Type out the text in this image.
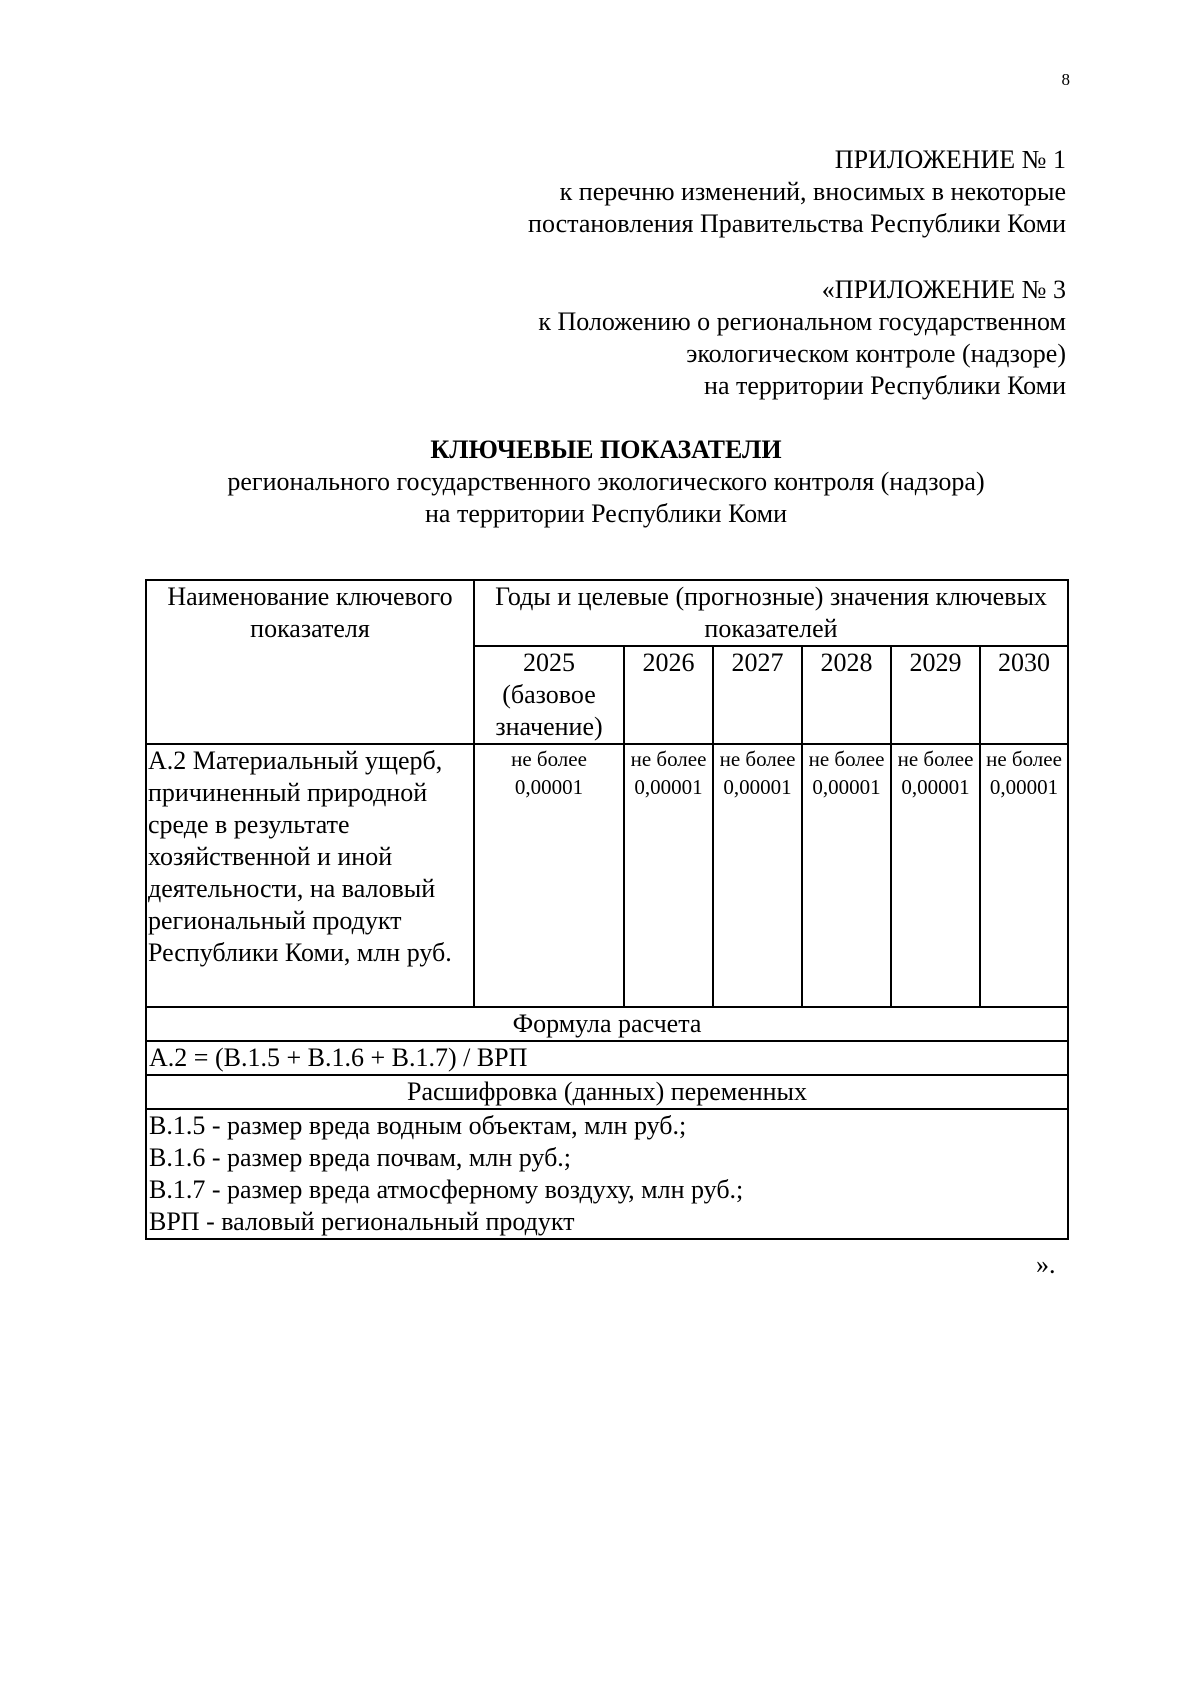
8
ПРИЛОЖЕНИЕ № 1
к перечню изменений, вносимых в некоторые
постановления Правительства Республики Коми
«ПРИЛОЖЕНИЕ № 3
к Положению о региональном государственном
экологическом контроле (надзоре)
на территории Республики Коми
КЛЮЧЕВЫЕ ПОКАЗАТЕЛИ
регионального государственного экологического контроля (надзора)
на территории Республики Коми
Наименование ключевого показателя	Годы и целевые (прогнозные) значения ключевых показателей					
	2025 (базовое значение)	2026	2027	2028	2029	2030
А.2 Материальный ущерб, причиненный природной среде в результате хозяйственной и иной деятельности, на валовый региональный продукт Республики Коми, млн руб.	не более 0,00001	не более 0,00001	не более 0,00001	не более 0,00001	не более 0,00001	не более 0,00001
Формула расчета						
А.2 = (В.1.5 + В.1.6 + В.1.7) / ВРП						
Расшифровка (данных) переменных						

В.1.5 - размер вреда водным объектам, млн руб.;
В.1.6 - размер вреда почвам, млн руб.;
В.1.7 - размер вреда атмосферному воздуху, млн руб.;
ВРП - валовый региональный продукт						
».
